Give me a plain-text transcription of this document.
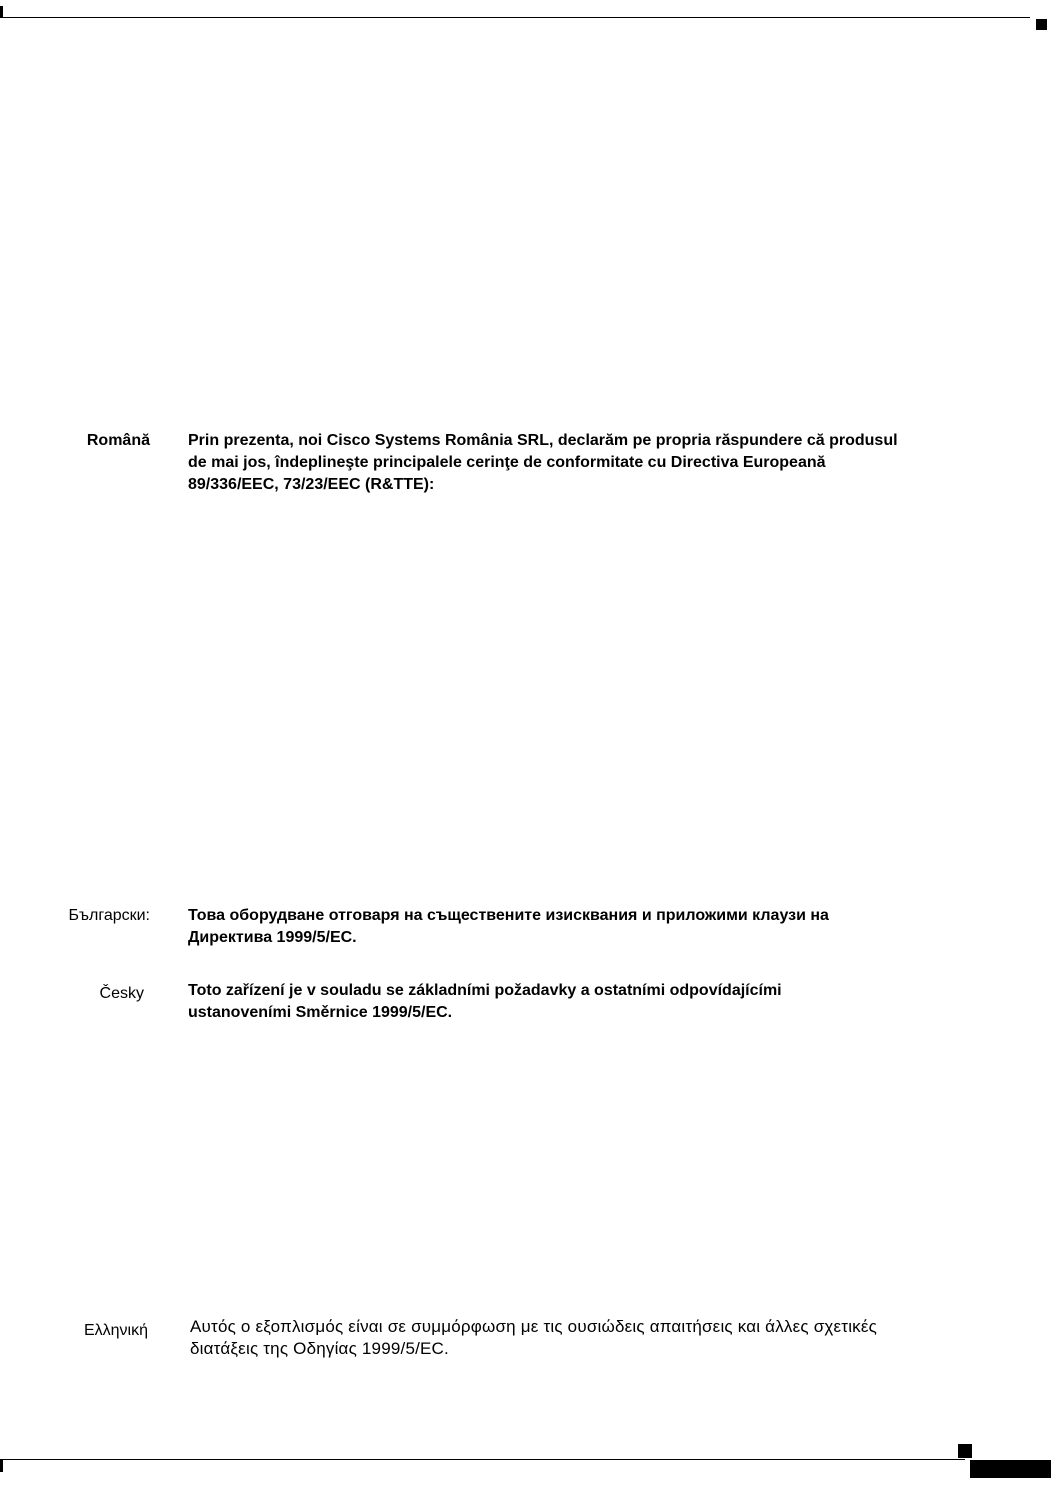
Română Prin prezenta, noi Cisco Systems România SRL, declarăm pe propria răspundere că produsul
de mai jos, îndeplineşte principalele cerinţe de conformitate cu Directiva Europeană
89/336/EEC, 73/23/EEC (R&TTE):

Български: Това оборудване отговаря на съществените изисквания и приложими клаузи на
Директива 1999/5/EC.

Česky	Toto zařízení je v souladu se základními požadavky a ostatními odpovídajícími
ustanoveními Směrnice 1999/5/EC.

Ελληνική Αυτός ο εξοπλισμός είναι σε συμμόρφωση με τις ουσιώδεις απαιτήσεις και άλλες σχετικές
διατάξεις της Οδηγίας 1999/5/EC.
